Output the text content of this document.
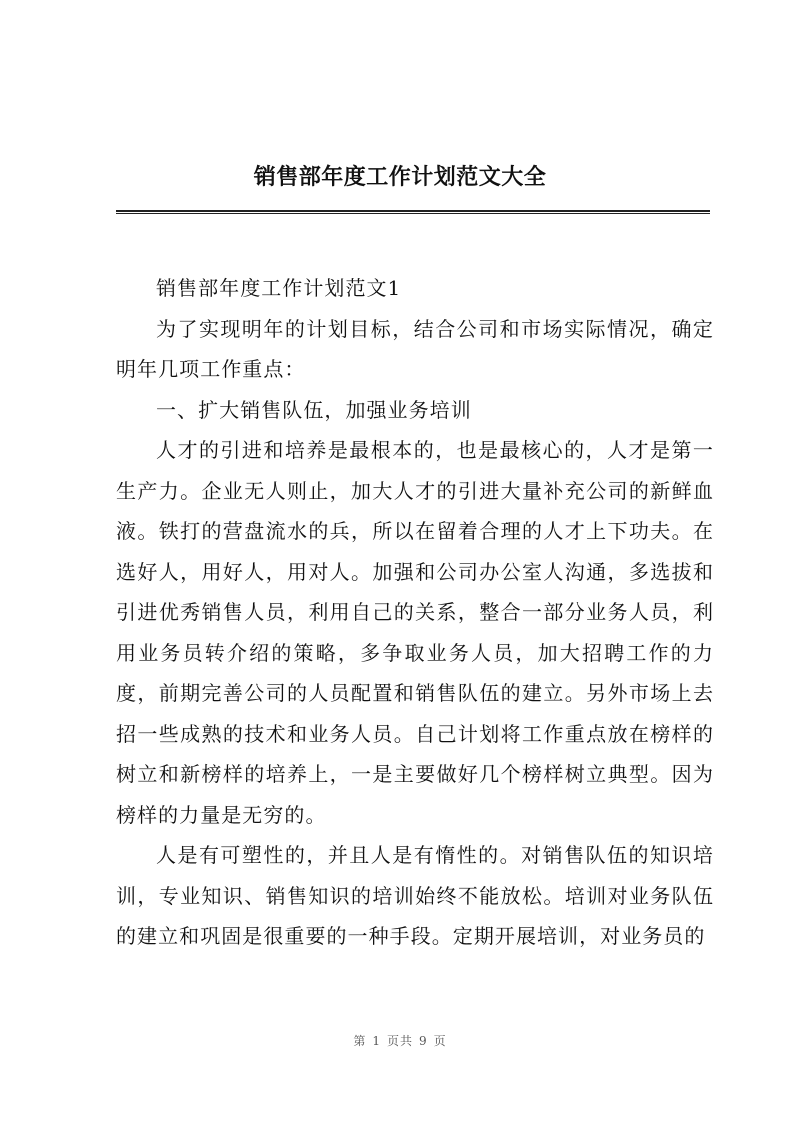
销售部年度工作计划范文大全

销售部年度工作计划范文1

为了实现明年的计划目标，结合公司和市场实际情况，确定明年几项工作重点：

一、扩大销售队伍，加强业务培训

人才的引进和培养是最根本的，也是最核心的，人才是第一生产力。企业无人则止，加大人才的引进大量补充公司的新鲜血液。铁打的营盘流水的兵，所以在留着合理的人才上下功夫。在选好人，用好人，用对人。加强和公司办公室人沟通，多选拔和引进优秀销售人员，利用自己的关系，整合一部分业务人员，利用业务员转介绍的策略，多争取业务人员，加大招聘工作的力度，前期完善公司的人员配置和销售队伍的建立。另外市场上去招一些成熟的技术和业务人员。自己计划将工作重点放在榜样的树立和新榜样的培养上，一是主要做好几个榜样树立典型。因为榜样的力量是无穷的。

人是有可塑性的，并且人是有惰性的。对销售队伍的知识培训，专业知识、销售知识的培训始终不能放松。培训对业务队伍的建立和巩固是很重要的一种手段。定期开展培训，对业务员的

第 1 页共 9 页
